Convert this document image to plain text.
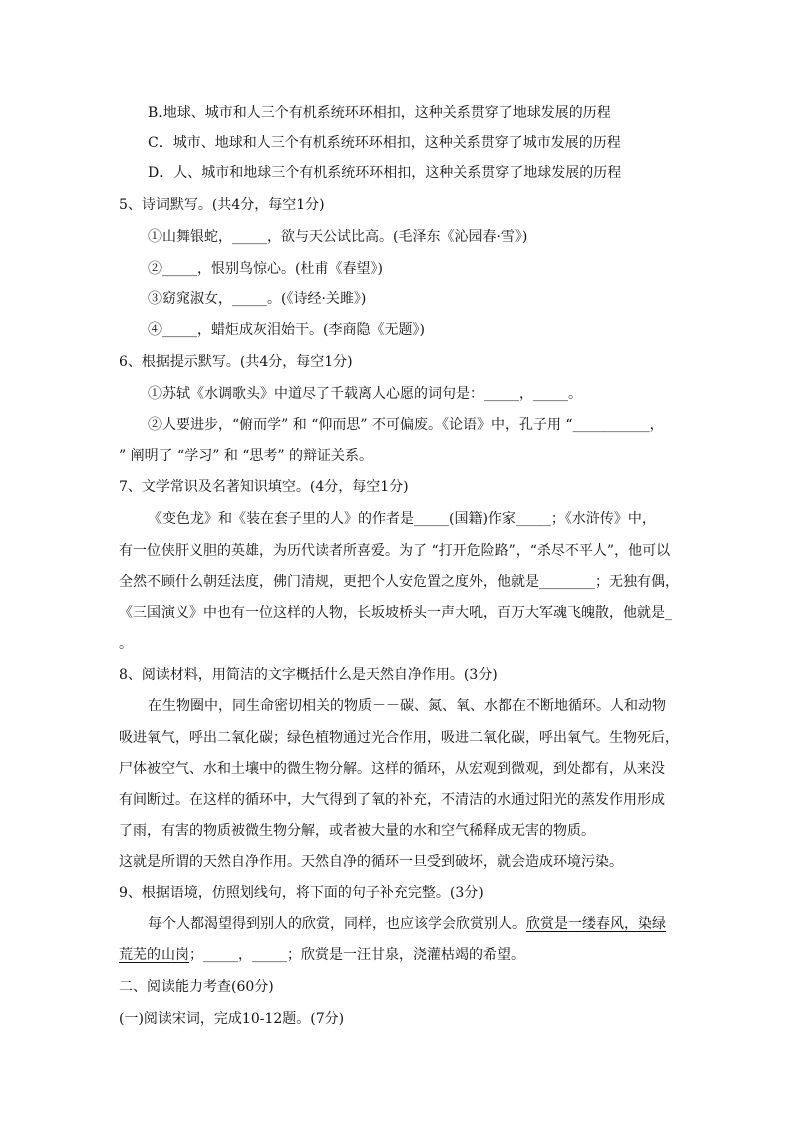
B.地球、城市和人三个有机系统环环相扣，这种关系贯穿了地球发展的历程
C．城市、地球和人三个有机系统环环相扣，这种关系贯穿了城市发展的历程
D．人、城市和地球三个有机系统环环相扣，这种关系贯穿了地球发展的历程
5、诗词默写。(共4分，每空1分)
①山舞银蛇，_____，欲与天公试比高。(毛泽东《沁园春·雪》)
②_____，恨别鸟惊心。(杜甫《春望》)
③窈窕淑女，_____。(《诗经·关雎》)
④_____，蜡炬成灰泪始干。(李商隐《无题》)
6、根据提示默写。(共4分，每空1分)
①苏轼《水调歌头》中道尽了千载离人心愿的词句是：_____，_____。
②人要进步，“俯而学” 和 “仰而思” 不可偏废。《论语》中，孔子用 “___________，
” 阐明了 “学习” 和 “思考” 的辩证关系。
7、文学常识及名著知识填空。(4分，每空1分)
《变色龙》和《装在套子里的人》的作者是_____(国籍)作家_____；《水浒传》中，
有一位侠肝义胆的英雄，为历代读者所喜爱。为了 “打开危险路”，“杀尽不平人”，他可以
全然不顾什么朝廷法度，佛门清规，更把个人安危置之度外，他就是________；无独有偶，
《三国演义》中也有一位这样的人物，长坂坡桥头一声大吼，百万大军魂飞魄散，他就是_
。
8、阅读材料，用简洁的文字概括什么是天然自净作用。(3分)
在生物圈中，同生命密切相关的物质－－碳、氮、氧、水都在不断地循环。人和动物
吸进氧气，呼出二氧化碳；绿色植物通过光合作用，吸进二氧化碳，呼出氧气。生物死后，
尸体被空气、水和土壤中的微生物分解。这样的循环，从宏观到微观，到处都有，从来没
有间断过。在这样的循环中，大气得到了氧的补充，不清洁的水通过阳光的蒸发作用形成
了雨，有害的物质被微生物分解，或者被大量的水和空气稀释成无害的物质。
这就是所谓的天然自净作用。天然自净的循环一旦受到破坏，就会造成环境污染。
9、根据语境，仿照划线句，将下面的句子补充完整。(3分)
每个人都渴望得到别人的欣赏，同样，也应该学会欣赏别人。欣赏是一缕春风，染绿
荒芜的山岗；_____，_____；欣赏是一汪甘泉，浇灌枯竭的希望。
二、阅读能力考查(60分)
(一)阅读宋词，完成10-12题。(7分)
